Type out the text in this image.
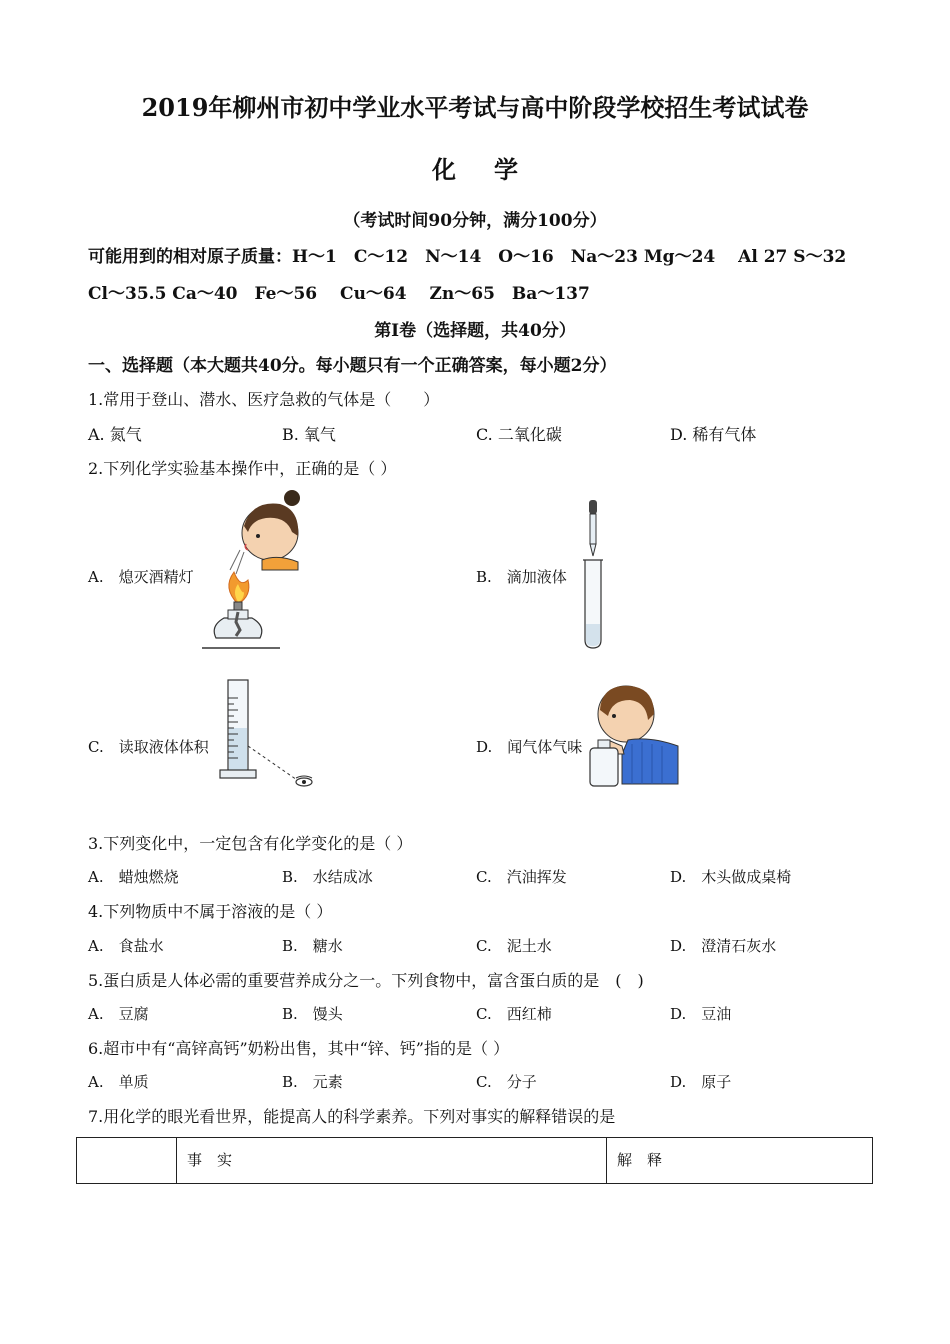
2019年柳州市初中学业水平考试与高中阶段学校招生考试试卷
化学
（考试时间90分钟，满分100分）
可能用到的相对原子质量：H～1　C～12　N～14　O～16　Na～23 Mg～24　 Al 27 S～32
Cl～35.5 Ca～40　Fe～56　 Cu～64　 Zn～65　Ba～137
第Ⅰ卷（选择题，共40分）
一、选择题（本大题共40分。每小题只有一个正确答案，每小题2分）
1.常用于登山、潜水、医疗急救的气体是（　　）
A. 氮气	B. 氧气	C. 二氧化碳	D. 稀有气体
2.下列化学实验基本操作中，正确的是（ ）
A.　熄灭酒精灯	B.　滴加液体
C.　读取液体体积	D.　闻气体气味
3.下列变化中，一定包含有化学变化的是（ ）
A.　蜡烛燃烧	B.　水结成冰	C.　汽油挥发	D.　木头做成桌椅
4.下列物质中不属于溶液的是（ ）
A.　食盐水	B.　糖水	C.　泥土水	D.　澄清石灰水
5.蛋白质是人体必需的重要营养成分之一。下列食物中，富含蛋白质的是　(　)
A.　豆腐	B.　馒头	C.　西红柿	D.　豆油
6.超市中有“高锌高钙”奶粉出售，其中“锌、钙”指的是（ ）
A.　单质	B.　元素	C.　分子	D.　原子
7.用化学的眼光看世界，能提高人的科学素养。下列对事实的解释错误的是
事　实	解　释
